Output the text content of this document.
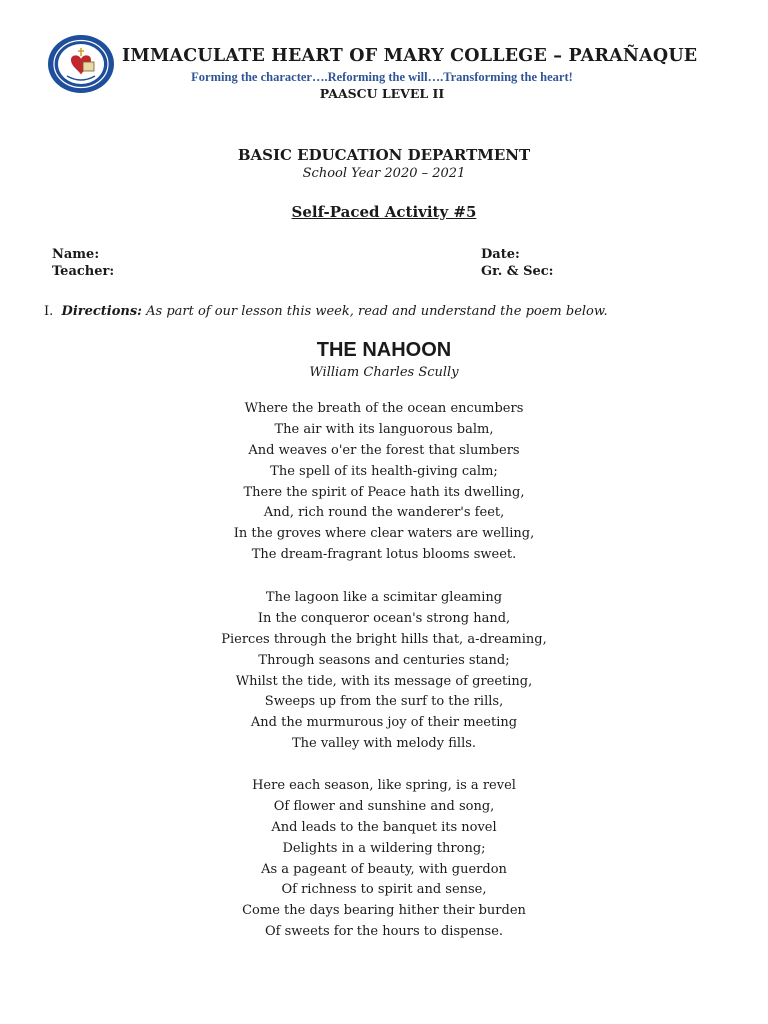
IMMACULATE HEART OF MARY COLLEGE – PARAÑAQUE
Forming the character….Reforming the will….Transforming the heart!
PAASCU LEVEL II
BASIC EDUCATION DEPARTMENT
School Year 2020 – 2021
Self-Paced Activity #5
Name:	Date:
Teacher:	Gr. & Sec:
I. Directions: As part of our lesson this week, read and understand the poem below.
THE NAHOON
William Charles Scully
Where the breath of the ocean encumbers
The air with its languorous balm,
And weaves o'er the forest that slumbers
The spell of its health-giving calm;
There the spirit of Peace hath its dwelling,
And, rich round the wanderer's feet,
In the groves where clear waters are welling,
The dream-fragrant lotus blooms sweet.
The lagoon like a scimitar gleaming
In the conqueror ocean's strong hand,
Pierces through the bright hills that, a-dreaming,
Through seasons and centuries stand;
Whilst the tide, with its message of greeting,
Sweeps up from the surf to the rills,
And the murmurous joy of their meeting
The valley with melody fills.
Here each season, like spring, is a revel
Of flower and sunshine and song,
And leads to the banquet its novel
Delights in a wildering throng;
As a pageant of beauty, with guerdon
Of richness to spirit and sense,
Come the days bearing hither their burden
Of sweets for the hours to dispense.
